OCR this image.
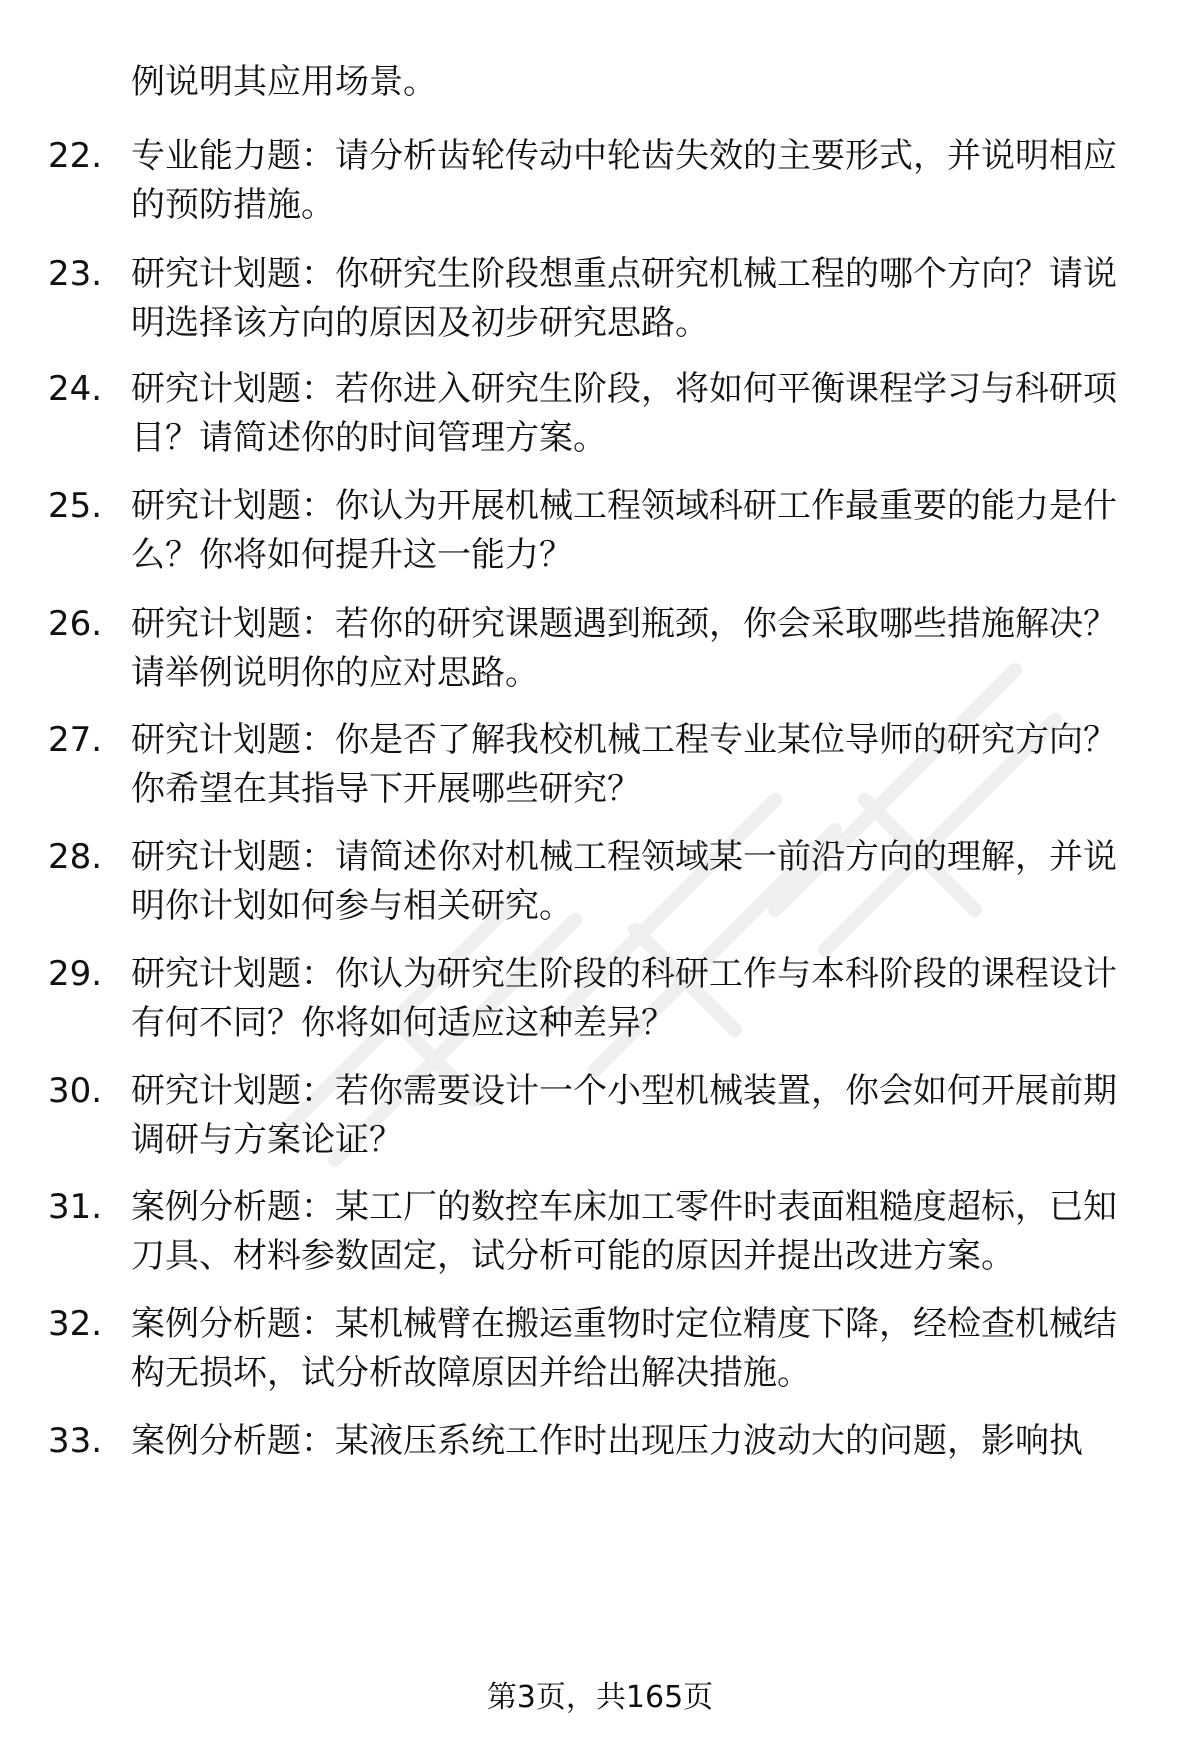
例说明其应用场景。

22. 专业能力题：请分析齿轮传动中轮齿失效的主要形式，并说明相应的预防措施。
23. 研究计划题：你研究生阶段想重点研究机械工程的哪个方向？请说明选择该方向的原因及初步研究思路。
24. 研究计划题：若你进入研究生阶段，将如何平衡课程学习与科研项目？请简述你的时间管理方案。
25. 研究计划题：你认为开展机械工程领域科研工作最重要的能力是什么？你将如何提升这一能力？
26. 研究计划题：若你的研究课题遇到瓶颈，你会采取哪些措施解决？请举例说明你的应对思路。
27. 研究计划题：你是否了解我校机械工程专业某位导师的研究方向？你希望在其指导下开展哪些研究？
28. 研究计划题：请简述你对机械工程领域某一前沿方向的理解，并说明你计划如何参与相关研究。
29. 研究计划题：你认为研究生阶段的科研工作与本科阶段的课程设计有何不同？你将如何适应这种差异？
30. 研究计划题：若你需要设计一个小型机械装置，你会如何开展前期调研与方案论证？
31. 案例分析题：某工厂的数控车床加工零件时表面粗糙度超标，已知刀具、材料参数固定，试分析可能的原因并提出改进方案。
32. 案例分析题：某机械臂在搬运重物时定位精度下降，经检查机械结构无损坏，试分析故障原因并给出解决措施。
33. 案例分析题：某液压系统工作时出现压力波动大的问题，影响执
第3页，共165页
